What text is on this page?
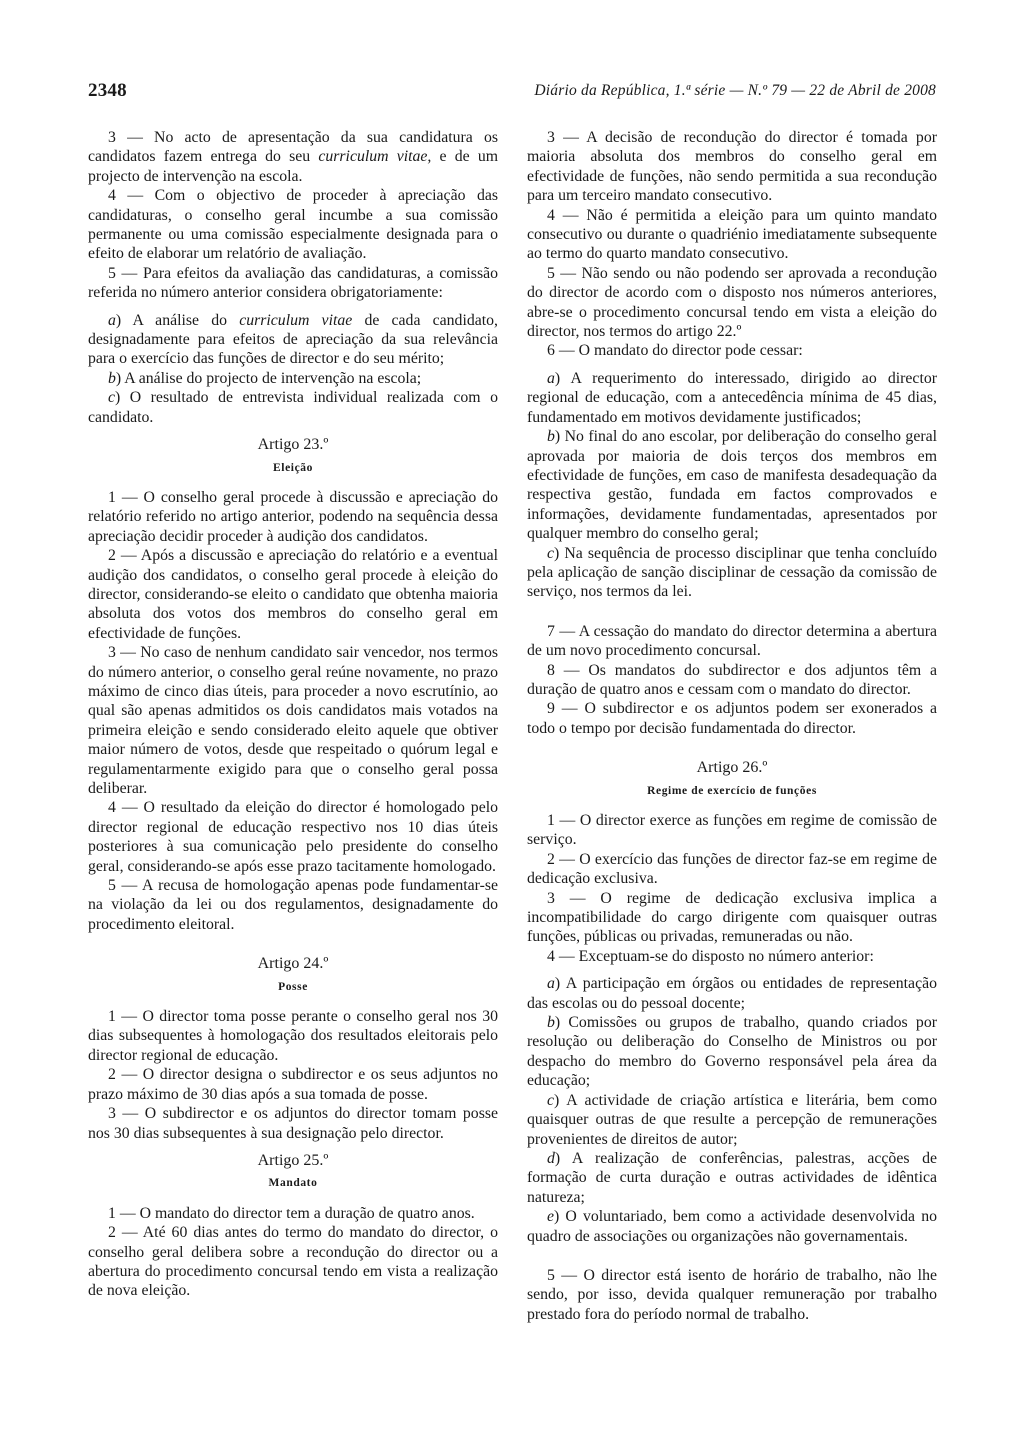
2348	Diário da República, 1.ª série — N.º 79 — 22 de Abril de 2008

3 — No acto de apresentação da sua candidatura os candidatos fazem entrega do seu curriculum vitae, e de um projecto de intervenção na escola.

4 — Com o objectivo de proceder à apreciação das candidaturas, o conselho geral incumbe a sua comissão permanente ou uma comissão especialmente designada para o efeito de elaborar um relatório de avaliação.

5 — Para efeitos da avaliação das candidaturas, a comissão referida no número anterior considera obrigatoriamente:

a) A análise do curriculum vitae de cada candidato, designadamente para efeitos de apreciação da sua relevância para o exercício das funções de director e do seu mérito;

b) A análise do projecto de intervenção na escola;

c) O resultado de entrevista individual realizada com o candidato.

Artigo 23.º

Eleição

1 — O conselho geral procede à discussão e apreciação do relatório referido no artigo anterior, podendo na sequência dessa apreciação decidir proceder à audição dos candidatos.

2 — Após a discussão e apreciação do relatório e a eventual audição dos candidatos, o conselho geral procede à eleição do director, considerando-se eleito o candidato que obtenha maioria absoluta dos votos dos membros do conselho geral em efectividade de funções.

3 — No caso de nenhum candidato sair vencedor, nos termos do número anterior, o conselho geral reúne novamente, no prazo máximo de cinco dias úteis, para proceder a novo escrutínio, ao qual são apenas admitidos os dois candidatos mais votados na primeira eleição e sendo considerado eleito aquele que obtiver maior número de votos, desde que respeitado o quórum legal e regulamentarmente exigido para que o conselho geral possa deliberar.

4 — O resultado da eleição do director é homologado pelo director regional de educação respectivo nos 10 dias úteis posteriores à sua comunicação pelo presidente do conselho geral, considerando-se após esse prazo tacitamente homologado.

5 — A recusa de homologação apenas pode fundamentar-se na violação da lei ou dos regulamentos, designadamente do procedimento eleitoral.

Artigo 24.º

Posse

1 — O director toma posse perante o conselho geral nos 30 dias subsequentes à homologação dos resultados eleitorais pelo director regional de educação.

2 — O director designa o subdirector e os seus adjuntos no prazo máximo de 30 dias após a sua tomada de posse.

3 — O subdirector e os adjuntos do director tomam posse nos 30 dias subsequentes à sua designação pelo director.

Artigo 25.º

Mandato

1 — O mandato do director tem a duração de quatro anos.

2 — Até 60 dias antes do termo do mandato do director, o conselho geral delibera sobre a recondução do director ou a abertura do procedimento concursal tendo em vista a realização de nova eleição.

3 — A decisão de recondução do director é tomada por maioria absoluta dos membros do conselho geral em efectividade de funções, não sendo permitida a sua recondução para um terceiro mandato consecutivo.

4 — Não é permitida a eleição para um quinto mandato consecutivo ou durante o quadriénio imediatamente subsequente ao termo do quarto mandato consecutivo.

5 — Não sendo ou não podendo ser aprovada a recondução do director de acordo com o disposto nos números anteriores, abre-se o procedimento concursal tendo em vista a eleição do director, nos termos do artigo 22.º

6 — O mandato do director pode cessar:

a) A requerimento do interessado, dirigido ao director regional de educação, com a antecedência mínima de 45 dias, fundamentado em motivos devidamente justificados;

b) No final do ano escolar, por deliberação do conselho geral aprovada por maioria de dois terços dos membros em efectividade de funções, em caso de manifesta desadequação da respectiva gestão, fundada em factos comprovados e informações, devidamente fundamentadas, apresentados por qualquer membro do conselho geral;

c) Na sequência de processo disciplinar que tenha concluído pela aplicação de sanção disciplinar de cessação da comissão de serviço, nos termos da lei.

7 — A cessação do mandato do director determina a abertura de um novo procedimento concursal.

8 — Os mandatos do subdirector e dos adjuntos têm a duração de quatro anos e cessam com o mandato do director.

9 — O subdirector e os adjuntos podem ser exonerados a todo o tempo por decisão fundamentada do director.

Artigo 26.º

Regime de exercício de funções

1 — O director exerce as funções em regime de comissão de serviço.

2 — O exercício das funções de director faz-se em regime de dedicação exclusiva.

3 — O regime de dedicação exclusiva implica a incompatibilidade do cargo dirigente com quaisquer outras funções, públicas ou privadas, remuneradas ou não.

4 — Exceptuam-se do disposto no número anterior:

a) A participação em órgãos ou entidades de representação das escolas ou do pessoal docente;

b) Comissões ou grupos de trabalho, quando criados por resolução ou deliberação do Conselho de Ministros ou por despacho do membro do Governo responsável pela área da educação;

c) A actividade de criação artística e literária, bem como quaisquer outras de que resulte a percepção de remunerações provenientes de direitos de autor;

d) A realização de conferências, palestras, acções de formação de curta duração e outras actividades de idêntica natureza;

e) O voluntariado, bem como a actividade desenvolvida no quadro de associações ou organizações não governamentais.

5 — O director está isento de horário de trabalho, não lhe sendo, por isso, devida qualquer remuneração por trabalho prestado fora do período normal de trabalho.
